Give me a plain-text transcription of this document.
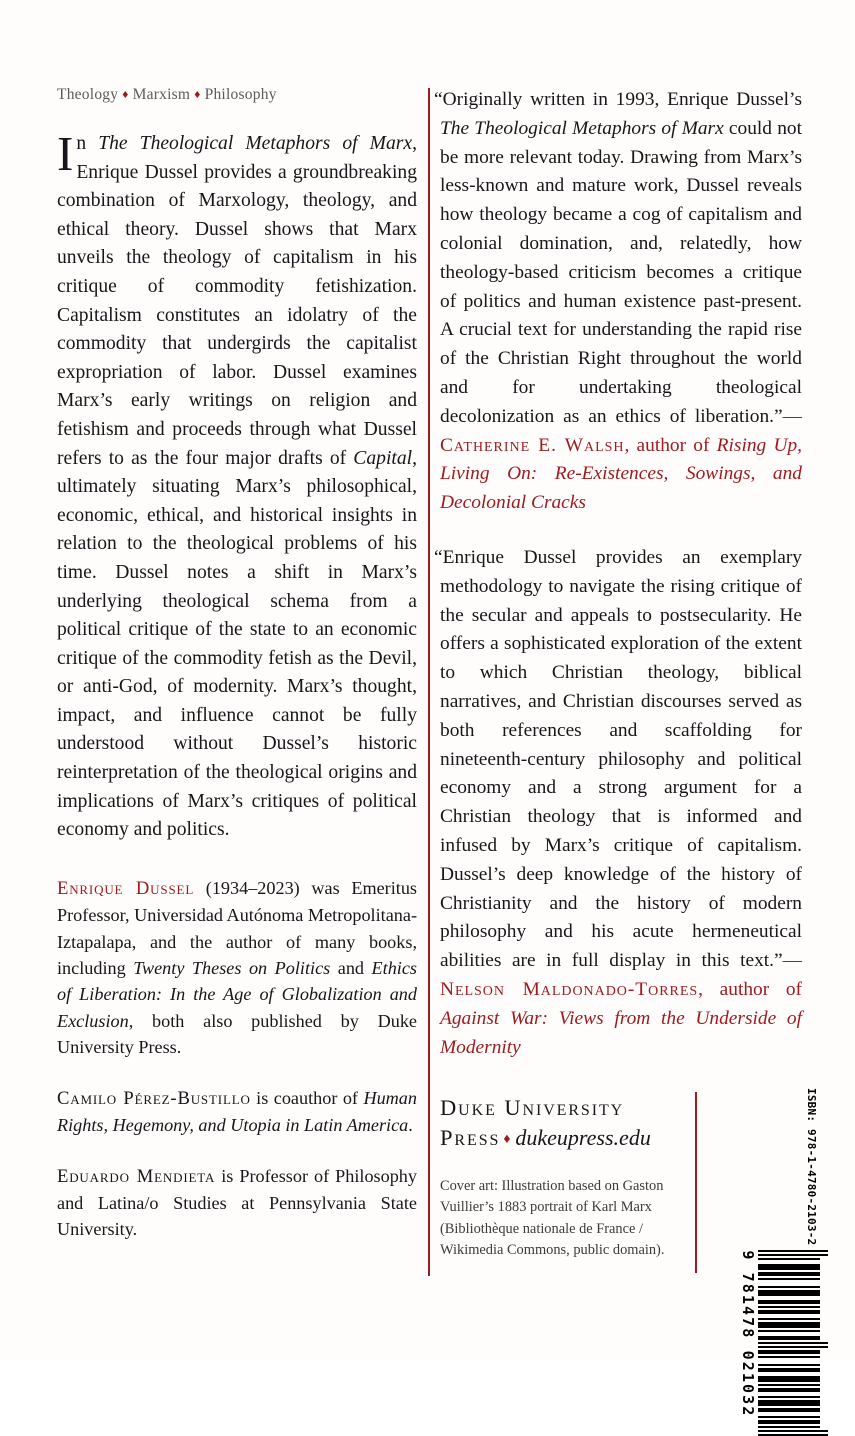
Theology ♦ Marxism ♦ Philosophy

In The Theological Metaphors of Marx, Enrique Dussel provides a groundbreaking combination of Marxology, theology, and ethical theory. Dussel shows that Marx unveils the theology of capitalism in his critique of commodity fetishization. Capitalism constitutes an idolatry of the commodity that undergirds the capitalist expropriation of labor. Dussel examines Marx’s early writings on religion and fetishism and proceeds through what Dussel refers to as the four major drafts of Capital, ultimately situating Marx’s philosophical, economic, ethical, and historical insights in relation to the theological problems of his time. Dussel notes a shift in Marx’s underlying theological schema from a political critique of the state to an economic critique of the commodity fetish as the Devil, or anti-God, of modernity. Marx’s thought, impact, and influence cannot be fully understood without Dussel’s historic reinterpretation of the theological origins and implications of Marx’s critiques of political economy and politics.

Enrique Dussel (1934–2023) was Emeritus Professor, Universidad Autónoma Metropolitana-Iztapalapa, and the author of many books, including Twenty Theses on Politics and Ethics of Liberation: In the Age of Globalization and Exclusion, both also published by Duke University Press.

Camilo Pérez-Bustillo is coauthor of Human Rights, Hegemony, and Utopia in Latin America.

Eduardo Mendieta is Professor of Philosophy and Latina/o Studies at Pennsylvania State University.

“Originally written in 1993, Enrique Dussel’s The Theological Metaphors of Marx could not be more relevant today. Drawing from Marx’s less-known and mature work, Dussel reveals how theology became a cog of capitalism and colonial domination, and, relatedly, how theology-based criticism becomes a critique of politics and human existence past-present. A crucial text for understanding the rapid rise of the Christian Right throughout the world and for undertaking theological decolonization as an ethics of liberation.”—Catherine E. Walsh, author of Rising Up, Living On: Re-Existences, Sowings, and Decolonial Cracks

“Enrique Dussel provides an exemplary methodology to navigate the rising critique of the secular and appeals to postsecularity. He offers a sophisticated exploration of the extent to which Christian theology, biblical narratives, and Christian discourses served as both references and scaffolding for nineteenth-century philosophy and political economy and a strong argument for a Christian theology that is informed and infused by Marx’s critique of capitalism. Dussel’s deep knowledge of the history of Christianity and the history of modern philosophy and his acute hermeneutical abilities are in full display in this text.”—Nelson Maldonado-Torres, author of Against War: Views from the Underside of Modernity

Duke University
Press ♦ dukeupress.edu
Cover art: Illustration based on Gaston Vuillier’s 1883 portrait of Karl Marx (Bibliothèque nationale de France / Wikimedia Commons, public domain).
ISBN: 978-1-4780-2103-2
9 781478 021032
